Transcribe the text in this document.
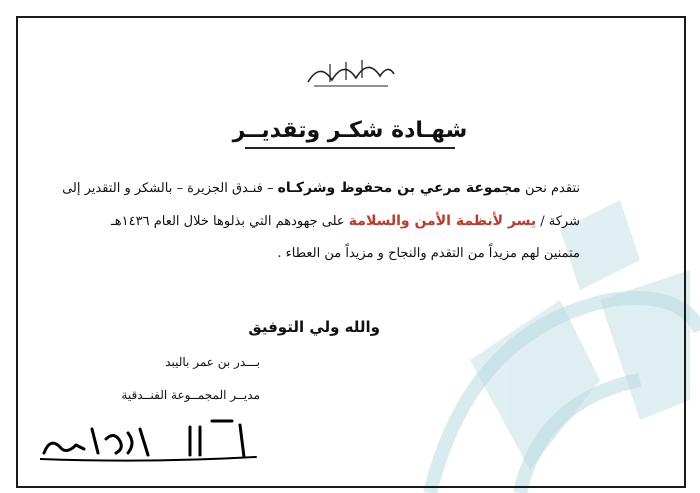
شهـادة شكـر وتقديــر
نتقدم نحن مجموعة مرعي بن محفوظ وشركـاه – فنـدق الجزيرة – بالشكر و التقدير إلى
شركة / يسر لأنظمة الأمن والسلامة على جهودهم التي بذلوها خلال العام ١٤٣٦هـ
متمنين لهم مزيداً من التقدم والنجاح و مزيداً من العطاء .
والله ولي التوفيق
بـــدر بن عمر باليبد
مديــر المجمــوعة الفنــدقية
